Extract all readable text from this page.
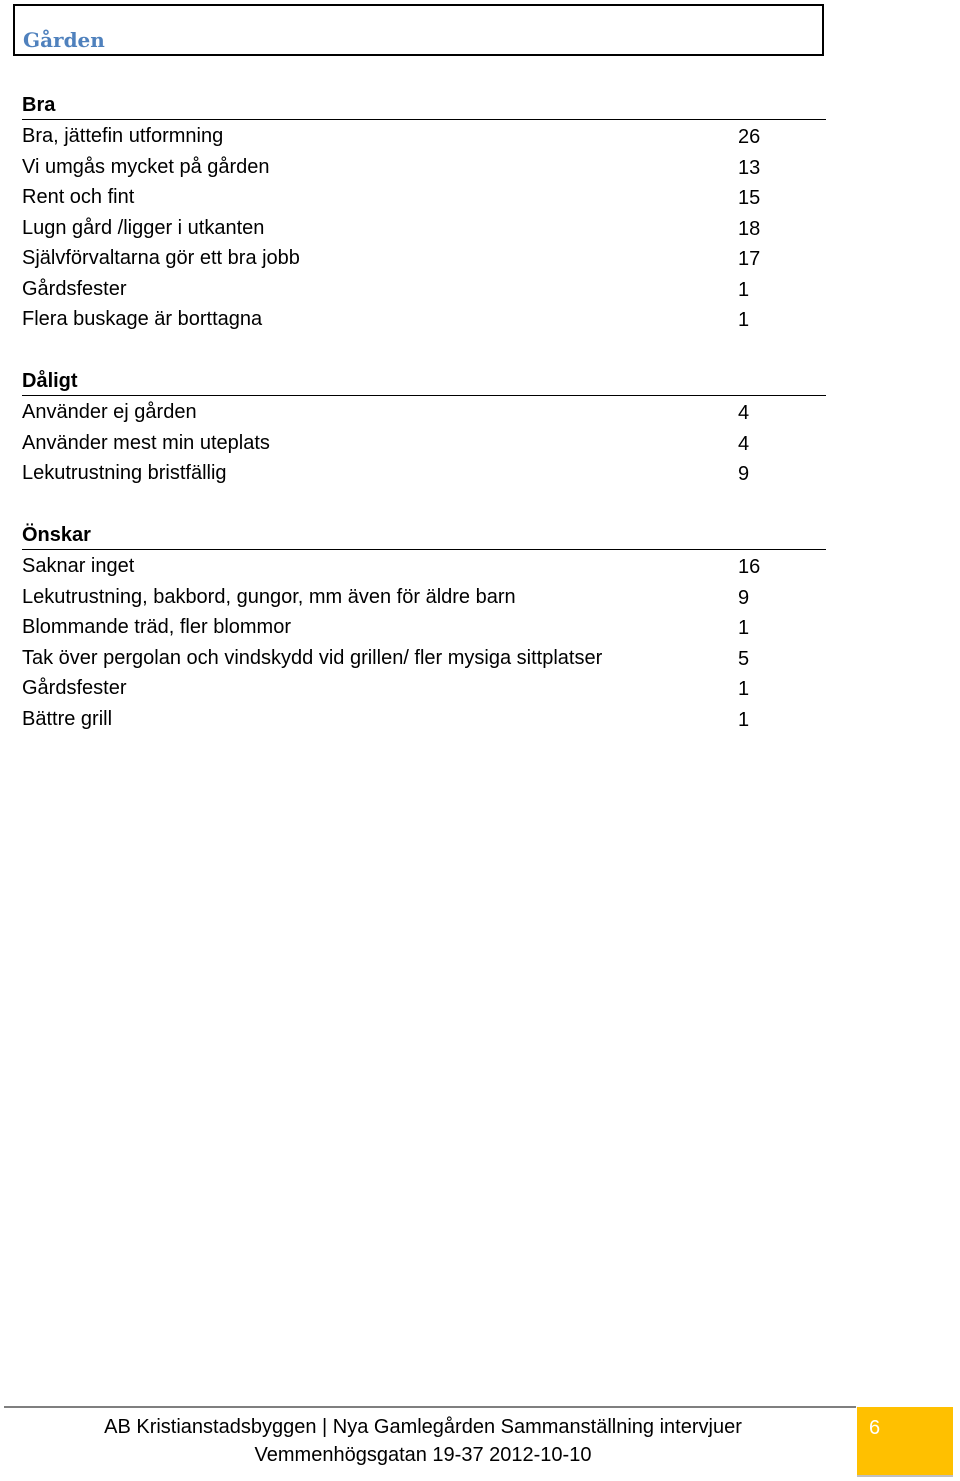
Gården
Bra
Bra, jättefin utformning	26
Vi umgås mycket på gården	13
Rent och fint	15
Lugn gård /ligger i utkanten	18
Självförvaltarna gör ett bra jobb	17
Gårdsfester	1
Flera buskage är borttagna	1
Dåligt
Använder ej gården	4
Använder mest min uteplats	4
Lekutrustning bristfällig	9
Önskar
Saknar inget	16
Lekutrustning, bakbord, gungor, mm även för äldre barn	9
Blommande träd, fler blommor	1
Tak över pergolan och vindskydd vid grillen/ fler mysiga sittplatser	5
Gårdsfester	1
Bättre grill	1
AB Kristianstadsbyggen | Nya Gamlegården Sammanställning intervjuer
Vemmenhögsgatan 19-37 2012-10-10
6
